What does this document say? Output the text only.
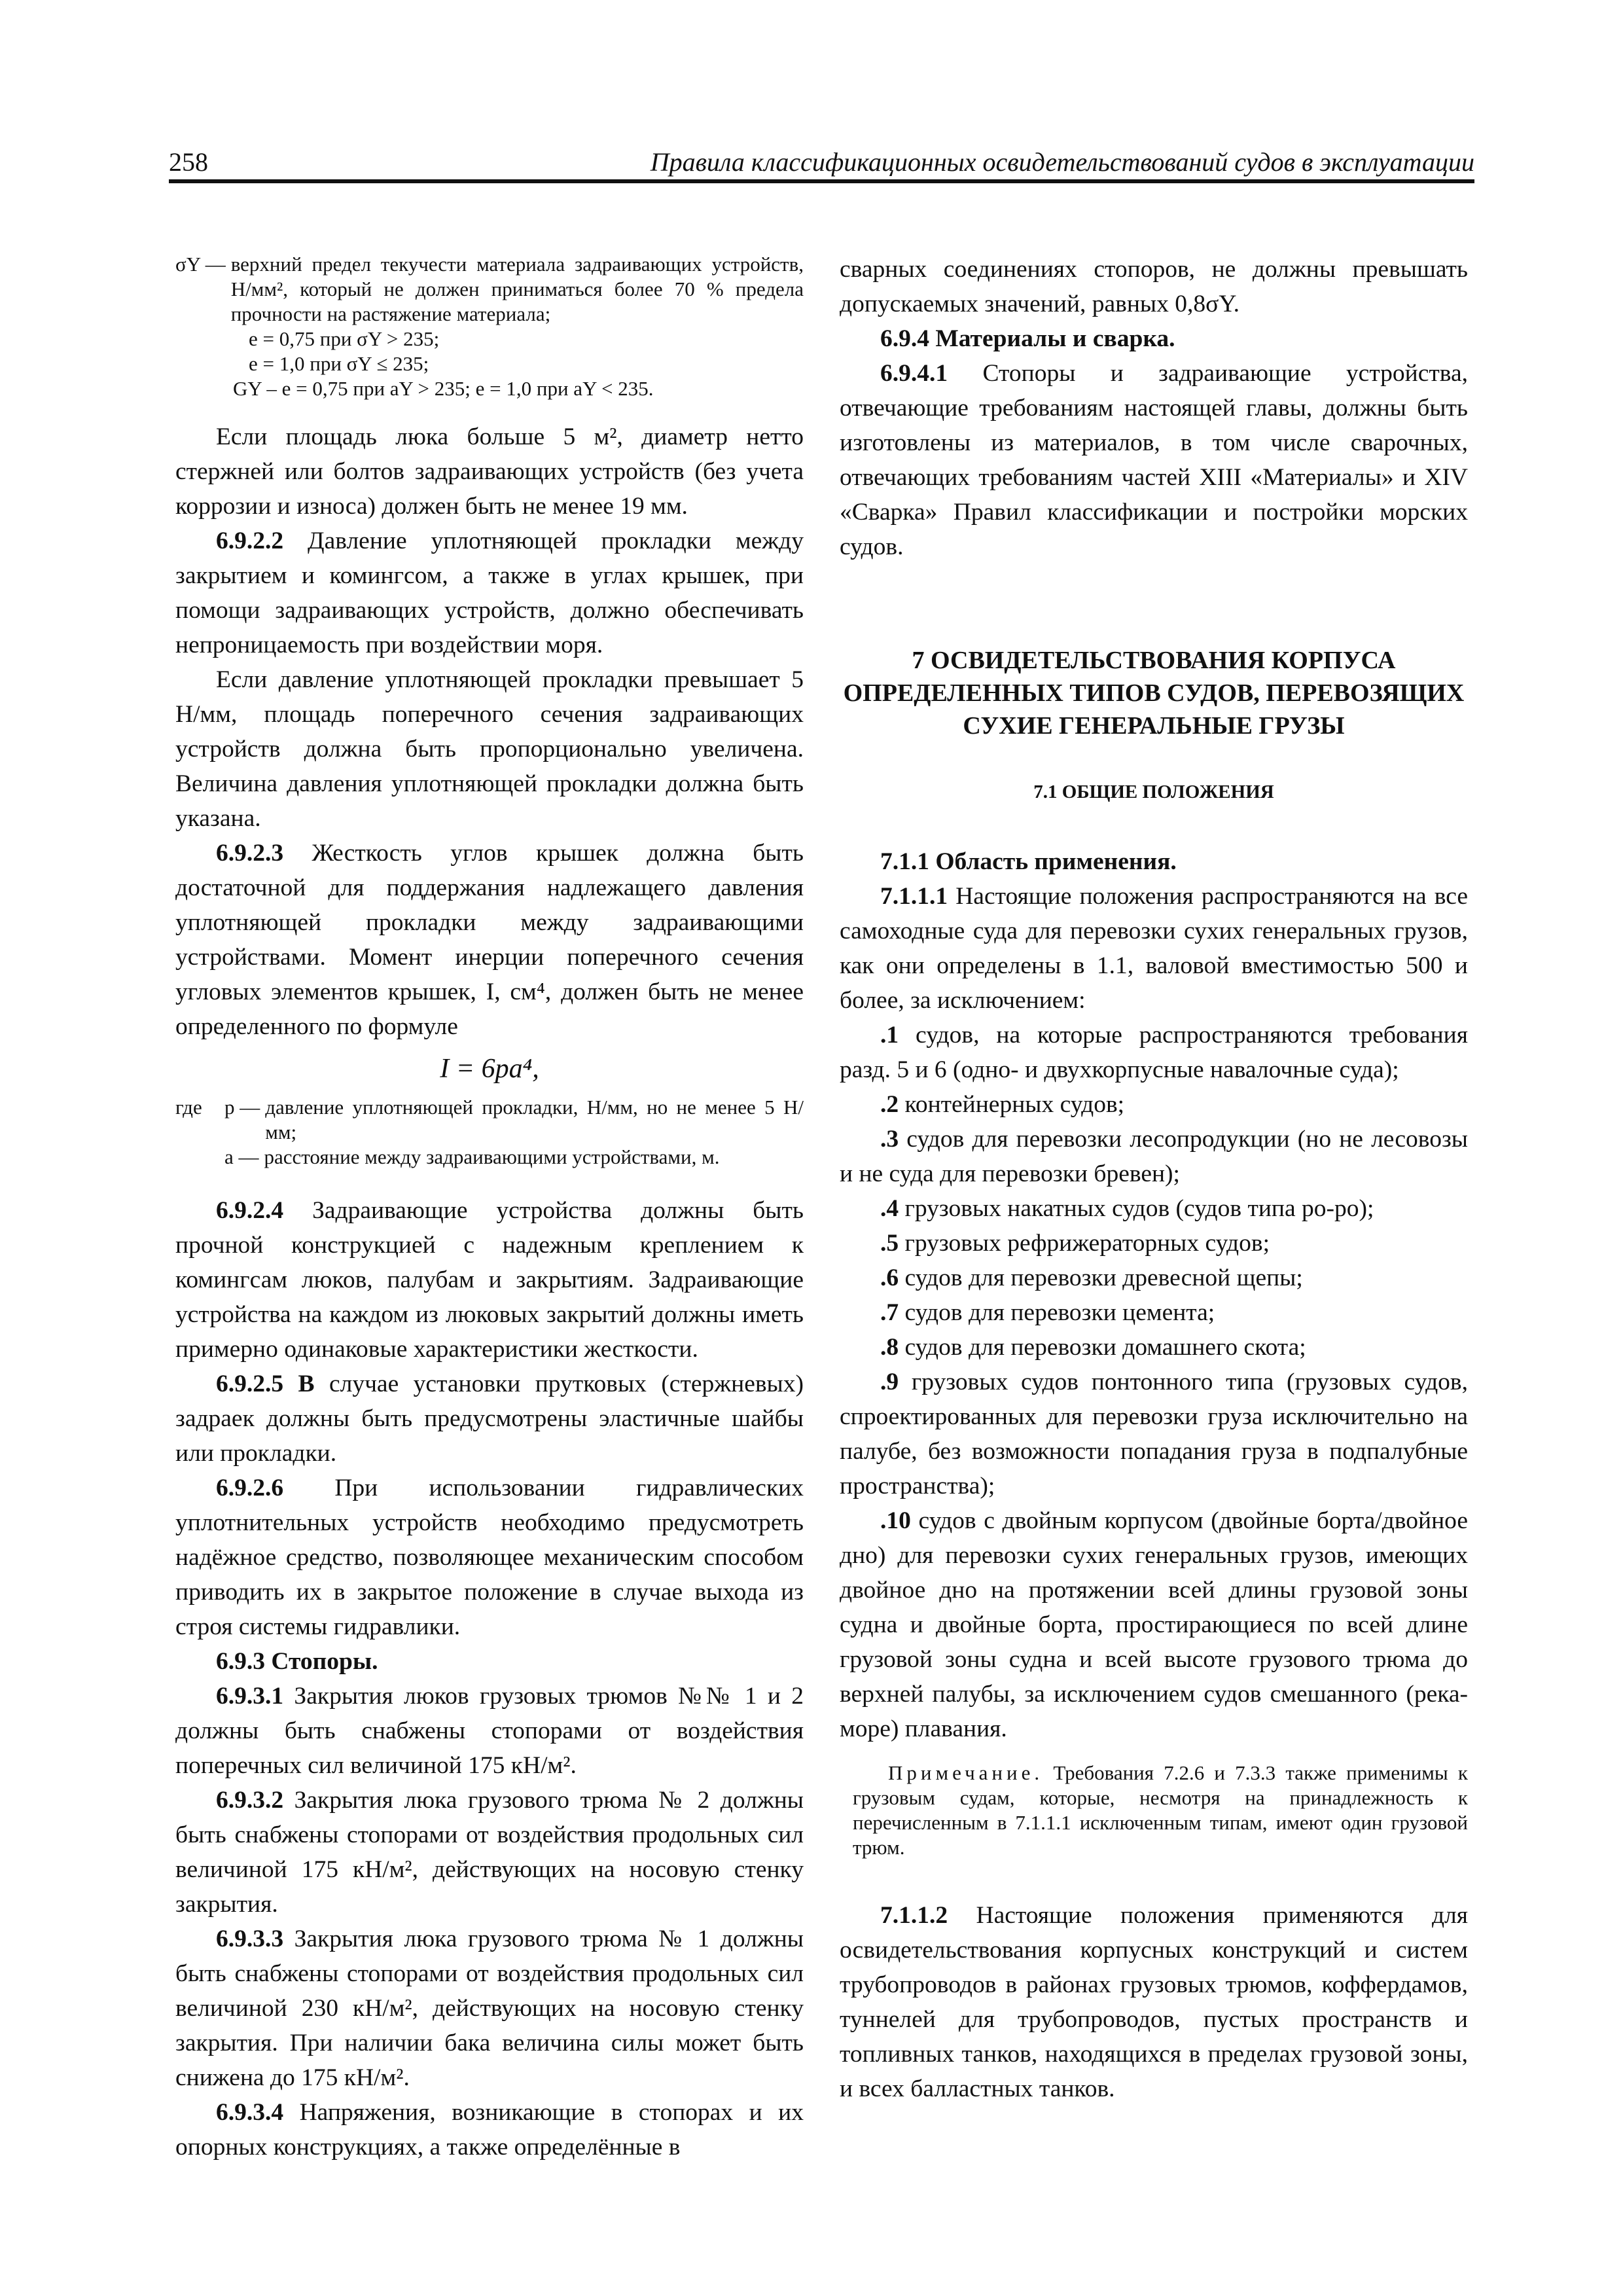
258	Правила классификационных освидетельствований судов в эксплуатации
σY — верхний предел текучести материала задраивающих устройств, Н/мм², который не должен приниматься более 70 % предела прочности на растяжение материала;
e = 0,75 при σY > 235;
e = 1,0 при σY ≤ 235;
GY – e = 0,75 при aY > 235; e = 1,0 при aY < 235.

Если площадь люка больше 5 м², диаметр нетто стержней или болтов задраивающих устройств (без учета коррозии и износа) должен быть не менее 19 мм.

6.9.2.2 Давление уплотняющей прокладки между закрытием и комингсом, а также в углах крышек, при помощи задраивающих устройств, должно обеспечивать непроницаемость при воздействии моря.

Если давление уплотняющей прокладки превышает 5 Н/мм, площадь поперечного сечения задраивающих устройств должна быть пропорционально увеличена. Величина давления уплотняющей прокладки должна быть указана.

6.9.2.3 Жесткость углов крышек должна быть достаточной для поддержания надлежащего давления уплотняющей прокладки между задраивающими устройствами. Момент инерции поперечного сечения угловых элементов крышек, I, см⁴, должен быть не менее определенного по формуле

I = 6pa⁴,
где	p — давление уплотняющей прокладки, Н/мм, но не менее 5 Н/мм;
a — расстояние между задраивающими устройствами, м.

6.9.2.4 Задраивающие устройства должны быть прочной конструкцией с надежным креплением к комингсам люков, палубам и закрытиям. Задраивающие устройства на каждом из люковых закрытий должны иметь примерно одинаковые характеристики жесткости.

6.9.2.5 В случае установки прутковых (стержневых) задраек должны быть предусмотрены эластичные шайбы или прокладки.

6.9.2.6 При использовании гидравлических уплотнительных устройств необходимо предусмотреть надёжное средство, позволяющее механическим способом приводить их в закрытое положение в случае выхода из строя системы гидравлики.

6.9.3 Стопоры.

6.9.3.1 Закрытия люков грузовых трюмов №№ 1 и 2 должны быть снабжены стопорами от воздействия поперечных сил величиной 175 кН/м².

6.9.3.2 Закрытия люка грузового трюма № 2 должны быть снабжены стопорами от воздействия продольных сил величиной 175 кН/м², действующих на носовую стенку закрытия.

6.9.3.3 Закрытия люка грузового трюма № 1 должны быть снабжены стопорами от воздействия продольных сил величиной 230 кН/м², действующих на носовую стенку закрытия. При наличии бака величина силы может быть снижена до 175 кН/м².

6.9.3.4 Напряжения, возникающие в стопорах и их опорных конструкциях, а также определённые в

сварных соединениях стопоров, не должны превышать допускаемых значений, равных 0,8σY.

6.9.4 Материалы и сварка.

6.9.4.1 Стопоры и задраивающие устройства, отвечающие требованиям настоящей главы, должны быть изготовлены из материалов, в том числе сварочных, отвечающих требованиям частей XIII «Материалы» и XIV «Сварка» Правил классификации и постройки морских судов.

7 ОСВИДЕТЕЛЬСТВОВАНИЯ КОРПУСА ОПРЕДЕЛЕННЫХ ТИПОВ СУДОВ, ПЕРЕВОЗЯЩИХ СУХИЕ ГЕНЕРАЛЬНЫЕ ГРУЗЫ
7.1 ОБЩИЕ ПОЛОЖЕНИЯ

7.1.1 Область применения.

7.1.1.1 Настоящие положения распространяются на все самоходные суда для перевозки сухих генеральных грузов, как они определены в 1.1, валовой вместимостью 500 и более, за исключением:

.1 судов, на которые распространяются требования разд. 5 и 6 (одно- и двухкорпусные навалочные суда);

.2 контейнерных судов;

.3 судов для перевозки лесопродукции (но не лесовозы и не суда для перевозки бревен);

.4 грузовых накатных судов (судов типа ро-ро);

.5 грузовых рефрижераторных судов;

.6 судов для перевозки древесной щепы;

.7 судов для перевозки цемента;

.8 судов для перевозки домашнего скота;

.9 грузовых судов понтонного типа (грузовых судов, спроектированных для перевозки груза исключительно на палубе, без возможности попадания груза в подпалубные пространства);

.10 судов с двойным корпусом (двойные борта/двойное дно) для перевозки сухих генеральных грузов, имеющих двойное дно на протяжении всей длины грузовой зоны судна и двойные борта, простирающиеся по всей длине грузовой зоны судна и всей высоте грузового трюма до верхней палубы, за исключением судов смешанного (река-море) плавания.

Примечание. Требования 7.2.6 и 7.3.3 также применимы к грузовым судам, которые, несмотря на принадлежность к перечисленным в 7.1.1.1 исключенным типам, имеют один грузовой трюм.

7.1.1.2 Настоящие положения применяются для освидетельствования корпусных конструкций и систем трубопроводов в районах грузовых трюмов, коффердамов, туннелей для трубопроводов, пустых пространств и топливных танков, находящихся в пределах грузовой зоны, и всех балластных танков.
